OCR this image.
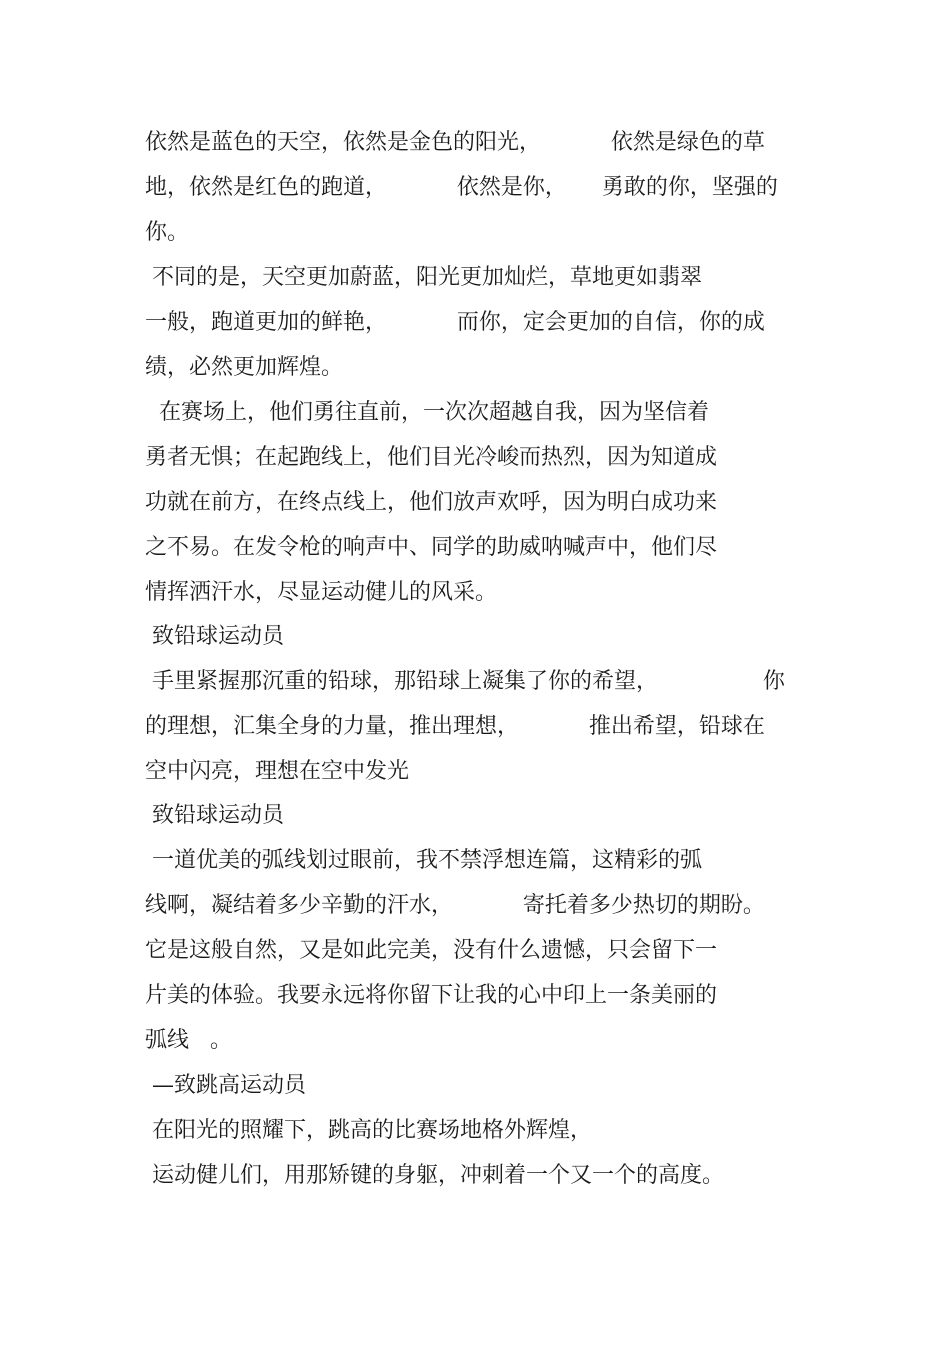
依然是蓝色的天空，依然是金色的阳光，          依然是绿色的草
地，依然是红色的跑道，          依然是你，     勇敢的你，坚强的
你。
不同的是，天空更加蔚蓝，阳光更加灿烂，草地更如翡翠
一般，跑道更加的鲜艳，          而你，定会更加的自信，你的成
绩，必然更加辉煌。
在赛场上，他们勇往直前，一次次超越自我，因为坚信着
勇者无惧；在起跑线上，他们目光冷峻而热烈，因为知道成
功就在前方，在终点线上，他们放声欢呼，因为明白成功来
之不易。在发令枪的响声中、同学的助威呐喊声中，他们尽
情挥洒汗水，尽显运动健儿的风采。
致铅球运动员
手里紧握那沉重的铅球，那铅球上凝集了你的希望，               你
的理想，汇集全身的力量，推出理想，          推出希望，铅球在
空中闪亮，理想在空中发光
致铅球运动员
一道优美的弧线划过眼前，我不禁浮想连篇，这精彩的弧
线啊，凝结着多少辛勤的汗水，          寄托着多少热切的期盼。
它是这般自然，又是如此完美，没有什么遗憾，只会留下一
片美的体验。我要永远将你留下让我的心中印上一条美丽的
弧线   。
—致跳高运动员
在阳光的照耀下，跳高的比赛场地格外辉煌，
运动健儿们，用那矫键的身躯，冲刺着一个又一个的高度。
